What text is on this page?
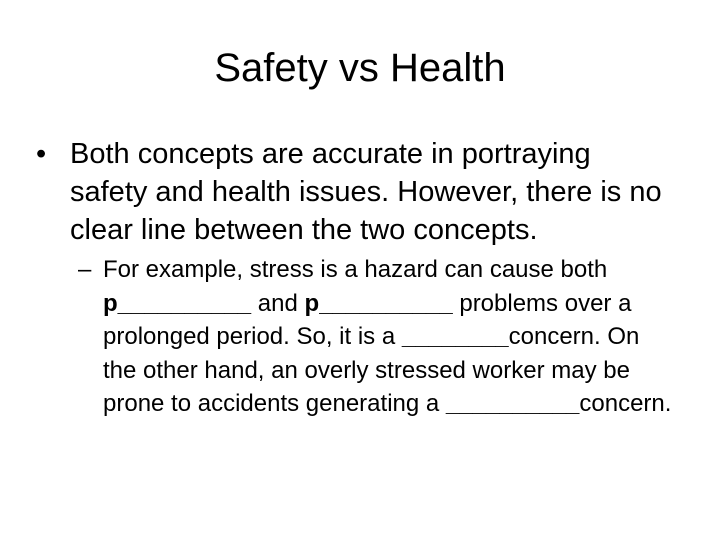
Safety vs Health
• Both concepts are accurate in portraying safety and health issues. However, there is no clear line between the two concepts.
– For example, stress is a hazard can cause both p__________ and p__________ problems over a prolonged period. So, it is a ________concern. On the other hand, an overly stressed worker may be prone to accidents generating a __________concern.
